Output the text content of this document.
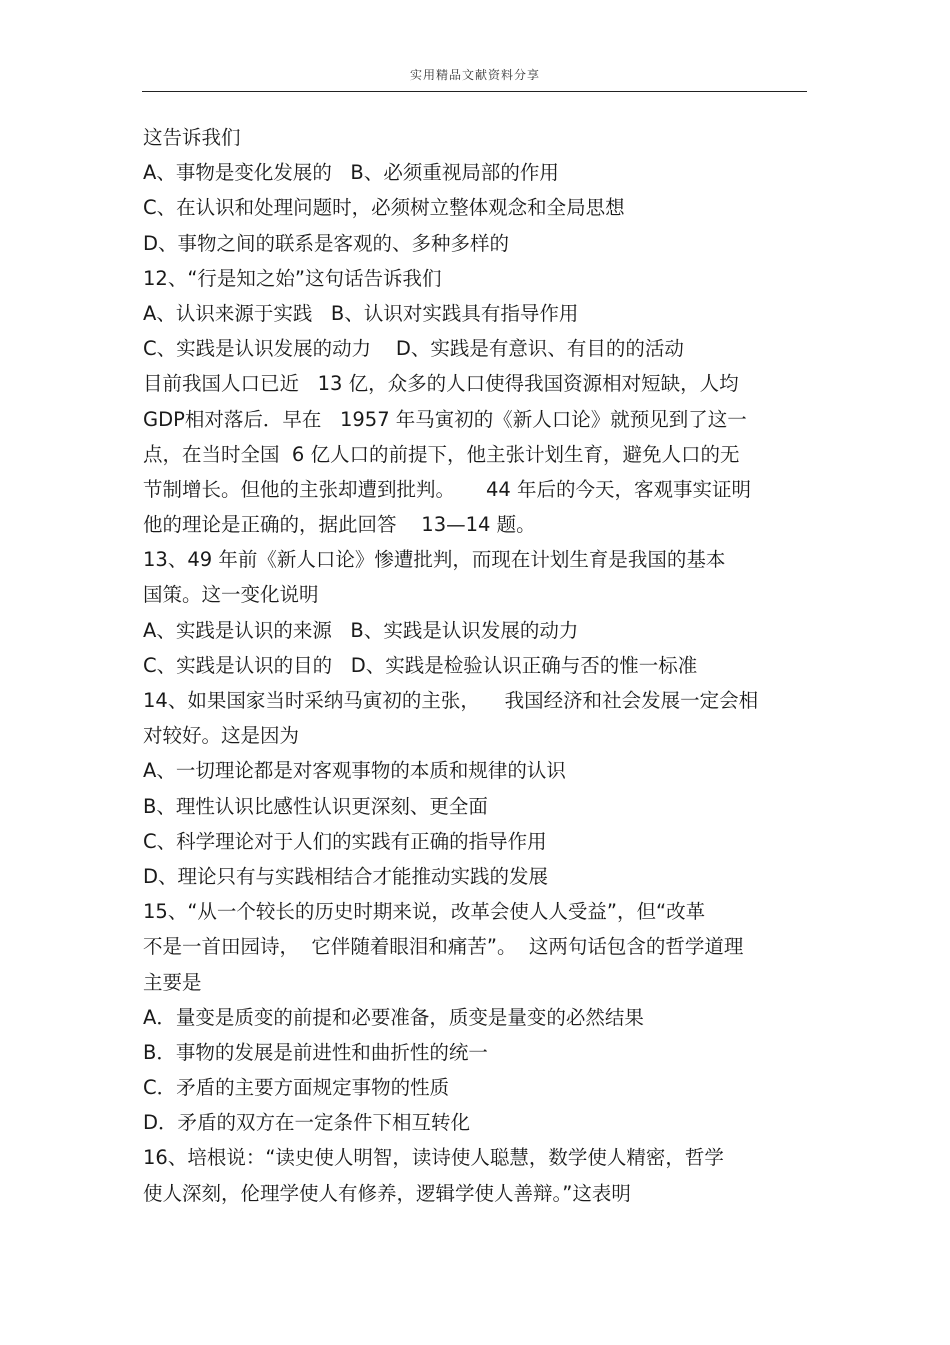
实用精品文献资料分享
这告诉我们
A、事物是变化发展的   B、必须重视局部的作用
C、在认识和处理问题时，必须树立整体观念和全局思想
D、事物之间的联系是客观的、多种多样的
12、“行是知之始”这句话告诉我们
A、认识来源于实践   B、认识对实践具有指导作用
C、实践是认识发展的动力    D、实践是有意识、有目的的活动
目前我国人口已近   13 亿，众多的人口使得我国资源相对短缺，人均
GDP相对落后．早在   1957 年马寅初的《新人口论》就预见到了这一
点，在当时全国  6 亿人口的前提下，他主张计划生育，避免人口的无
节制增长。但他的主张却遭到批判。     44 年后的今天，客观事实证明
他的理论是正确的，据此回答    13—14 题。
13、49 年前《新人口论》惨遭批判，而现在计划生育是我国的基本
国策。这一变化说明
A、实践是认识的来源   B、实践是认识发展的动力
C、实践是认识的目的   D、实践是检验认识正确与否的惟一标准
14、如果国家当时采纳马寅初的主张，    我国经济和社会发展一定会相
对较好。这是因为
A、一切理论都是对客观事物的本质和规律的认识
B、理性认识比感性认识更深刻、更全面
C、科学理论对于人们的实践有正确的指导作用
D、理论只有与实践相结合才能推动实践的发展
15、“从一个较长的历史时期来说，改革会使人人受益”，但“改革
不是一首田园诗，  它伴随着眼泪和痛苦”。  这两句话包含的哲学道理
主要是
A．量变是质变的前提和必要准备，质变是量变的必然结果
B．事物的发展是前进性和曲折性的统一
C．矛盾的主要方面规定事物的性质
D．矛盾的双方在一定条件下相互转化
16、培根说：“读史使人明智，读诗使人聪慧，数学使人精密，哲学
使人深刻，伦理学使人有修养，逻辑学使人善辩。”这表明
